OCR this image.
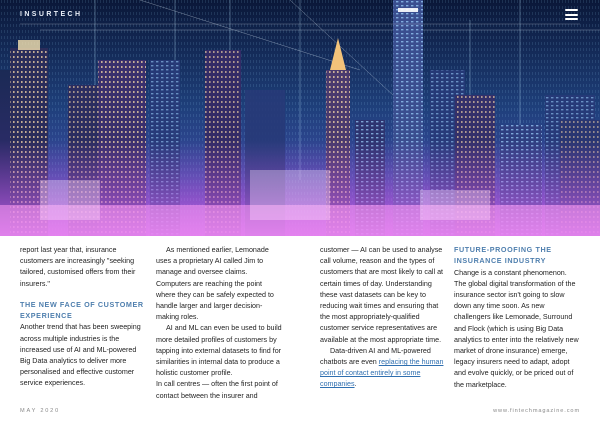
INSURTECH

report last year that, insurance customers are increasingly "seeking tailored, customised offers from their insurers."

THE NEW FACE OF CUSTOMER EXPERIENCE

Another trend that has been sweeping across multiple industries is the increased use of AI and ML-powered Big Data analytics to deliver more personalised and effective customer service experiences.

As mentioned earlier, Lemonade uses a proprietary AI called Jim to manage and oversee claims. Computers are reaching the point where they can be safely expected to handle larger and larger decision-making roles.

AI and ML can even be used to build more detailed profiles of customers by tapping into external datasets to find for similarities in internal data to produce a holistic customer profile.

In call centres — often the first point of contact between the insurer and

customer — AI can be used to analyse call volume, reason and the types of customers that are most likely to call at certain times of day. Understanding these vast datasets can be key to reducing wait times and ensuring that the most appropriately-qualified customer service representatives are available at the most appropriate time.

Data-driven AI and ML-powered chatbots are even replacing the human point of contact entirely in some companies.

FUTURE-PROOFING THE INSURANCE INDUSTRY

Change is a constant phenomenon. The global digital transformation of the insurance sector isn't going to slow down any time soon. As new challengers like Lemonade, Surround and Flock (which is using Big Data analytics to enter into the relatively new market of drone insurance) emerge, legacy insurers need to adapt, adopt and evolve quickly, or be priced out of the marketplace.

MAY 2020	www.fintechmagazine.com
